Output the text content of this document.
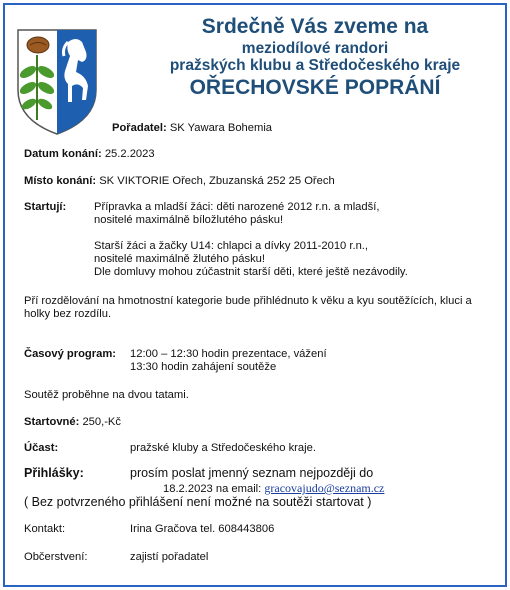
Srdečně Vás zveme na
meziodílové randori
pražských klubu a Středočeského kraje
OŘECHOVSKÉ POPRÁNÍ
Pořadatel: SK Yawara Bohemia
Datum konání: 25.2.2023
Místo konání: SK VIKTORIE Ořech, Zbuzanská 252 25 Ořech
Startují: Přípravka a mladší žáci: děti narozené 2012 r.n. a mladší,
nositelé maximálně bíložlutého pásku!
Starší žáci a žačky U14: chlapci a dívky 2011-2010 r.n.,
nositelé maximálně žlutého pásku!
Dle domluvy mohou zúčastnit starší děti, které ještě nezávodily.
Pří rozdělování na hmotnostní kategorie bude přihlédnuto k věku a kyu soutěžících, kluci a
holky bez rozdílu.
Časový program: 12:00 – 12:30 hodin prezentace, vážení
13:30 hodin zahájení soutěže
Soutěž proběhne na dvou tatami.
Startovné: 250,-Kč
Účast:	pražské kluby a Středočeského kraje.
Přihlášky:	prosím poslat jmenný seznam nejpozději do
18.2.2023 na email: gracovajudo@seznam.cz
( Bez potvrzeného přihlášení není možné na soutěži startovat )
Kontakt:	Irina Gračova tel. 608443806
Občerstvení:	zajistí pořadatel
